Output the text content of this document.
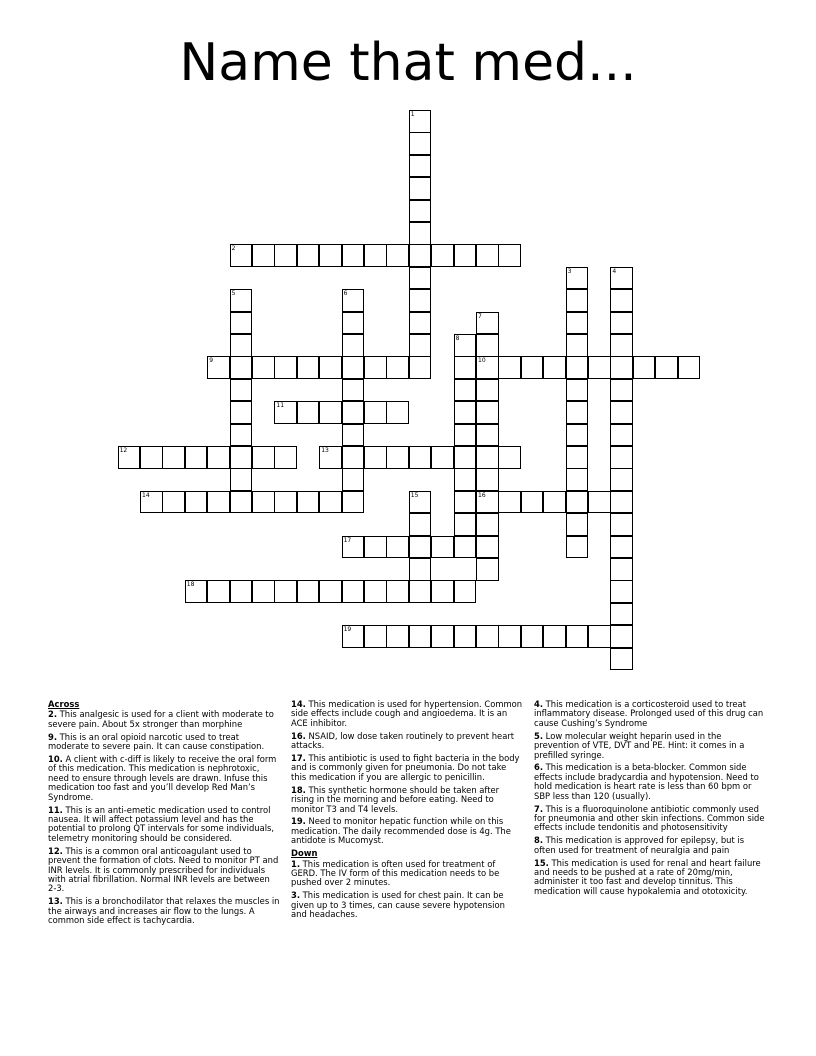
Name that med...
1
2
3	4
5	6
7
10
16
8
9
11
12	13
14	15
17
18
19
Across
2. This analgesic is used for a client with moderate to severe pain. About 5x stronger than morphine
9. This is an oral opioid narcotic used to treat moderate to severe pain. It can cause constipation.
10. A client with c-diff is likely to receive the oral form of this medication. This medication is nephrotoxic, need to ensure through levels are drawn. Infuse this medication too fast and you’ll develop Red Man’s Syndrome.
11. This is an anti-emetic medication used to control nausea. It will affect potassium level and has the potential to prolong QT intervals for some individuals, telemetry monitoring should be considered.
12. This is a common oral anticoagulant used to prevent the formation of clots. Need to monitor PT and INR levels. It is commonly prescribed for individuals with atrial fibrillation. Normal INR levels are between 2-3.
13. This is a bronchodilator that relaxes the muscles in the airways and increases air flow to the lungs. A common side effect is tachycardia.
14. This medication is used for hypertension. Common side effects include cough and angioedema. It is an ACE inhibitor.
16. NSAID, low dose taken routinely to prevent heart attacks.
17. This antibiotic is used to fight bacteria in the body and is commonly given for pneumonia. Do not take this medication if you are allergic to penicillin.
18. This synthetic hormone should be taken after rising in the morning and before eating. Need to monitor T3 and T4 levels.
19. Need to monitor hepatic function while on this medication. The daily recommended dose is 4g. The antidote is Mucomyst.
Down
1. This medication is often used for treatment of GERD. The IV form of this medication needs to be pushed over 2 minutes.
3. This medication is used for chest pain. It can be given up to 3 times, can cause severe hypotension and headaches.
4. This medication is a corticosteroid used to treat inflammatory disease. Prolonged used of this drug can cause Cushing’s Syndrome
5. Low molecular weight heparin used in the prevention of VTE, DVT and PE. Hint: it comes in a prefilled syringe.
6. This medication is a beta-blocker. Common side effects include bradycardia and hypotension. Need to hold medication is heart rate is less than 60 bpm or SBP less than 120 (usually).
7. This is a fluoroquinolone antibiotic commonly used for pneumonia and other skin infections. Common side effects include tendonitis and photosensitivity
8. This medication is approved for epilepsy, but is often used for treatment of neuralgia and pain
15. This medication is used for renal and heart failure and needs to be pushed at a rate of 20mg/min, administer it too fast and develop tinnitus. This medication will cause hypokalemia and ototoxicity.
